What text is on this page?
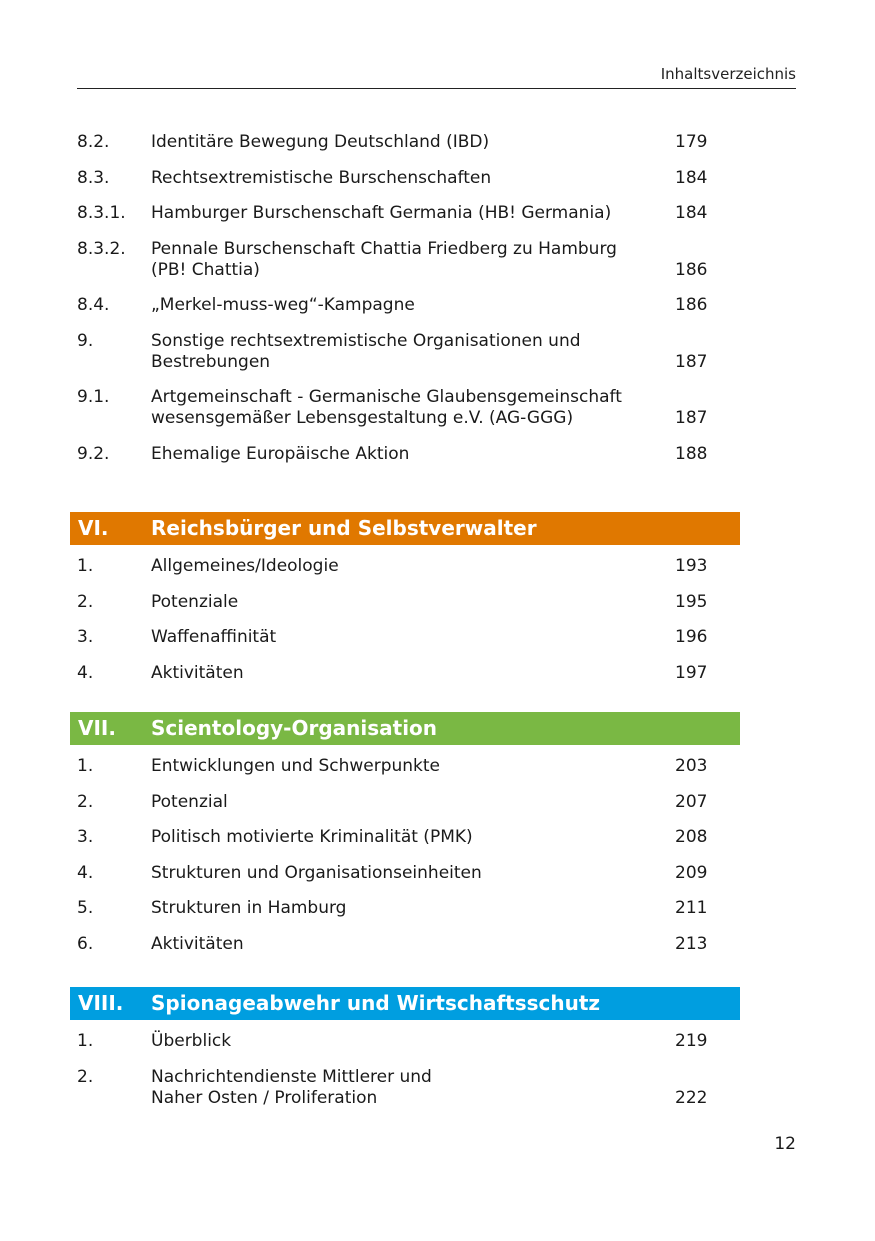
Inhaltsverzeichnis
8.2. Identitäre Bewegung Deutschland (IBD)	179
8.3. Rechtsextremistische Burschenschaften	184
8.3.1. Hamburger Burschenschaft Germania (HB! Germania)	184
8.3.2. Pennale Burschenschaft Chattia Friedberg zu Hamburg
(PB! Chattia)	186
8.4. „Merkel-muss-weg“-Kampagne	186
9.	Sonstige rechtsextremistische Organisationen und
Bestrebungen	187
9.1. Artgemeinschaft - Germanische Glaubensgemeinschaft
wesensgemäßer Lebensgestaltung e.V. (AG-GGG)	187
9.2. Ehemalige Europäische Aktion	188
VI. Reichsbürger und Selbstverwalter
1.	Allgemeines/Ideologie	193
2.	Potenziale	195
3.	Waffenaffinität	196
4.	Aktivitäten	197
VII. Scientology-Organisation
1.	Entwicklungen und Schwerpunkte	203
2.	Potenzial	207
3.	Politisch motivierte Kriminalität (PMK)	208
4.	Strukturen und Organisationseinheiten	209
5.	Strukturen in Hamburg	211
6.	Aktivitäten	213
VIII. Spionageabwehr und Wirtschaftsschutz
1.	Überblick	219
2.	Nachrichtendienste Mittlerer und
Naher Osten / Proliferation	222
12
